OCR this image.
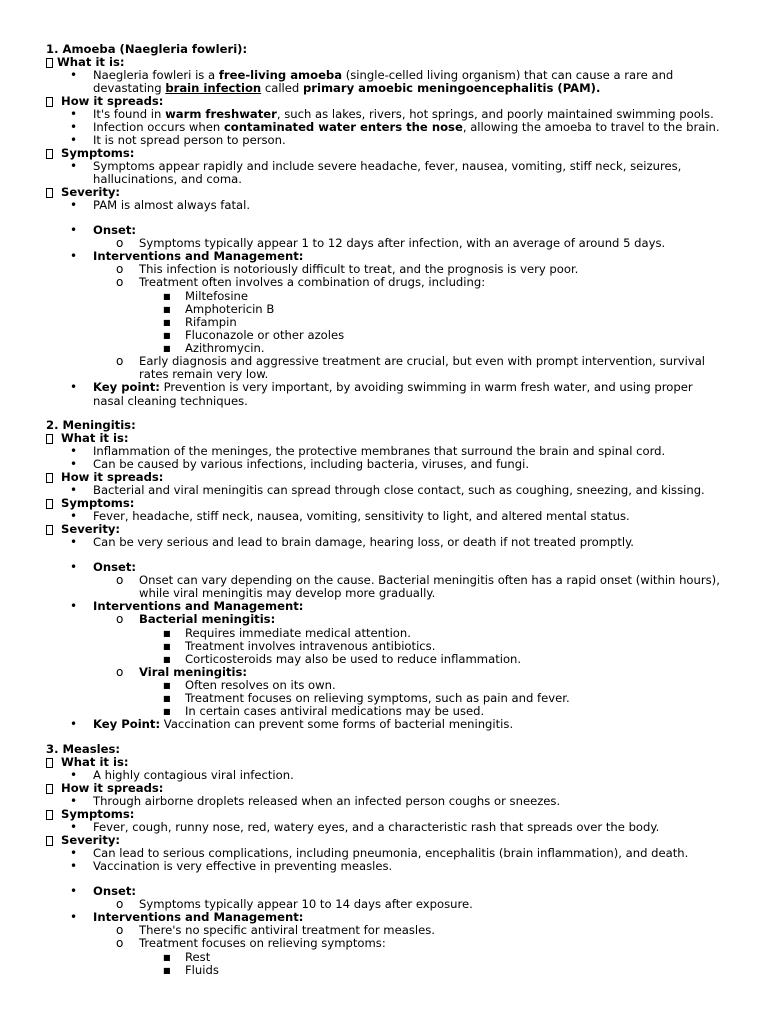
1. Amoeba (Naegleria fowleri):
What it is:
• Naegleria fowleri is a free-living amoeba (single-celled living organism) that can cause a rare and
devastating brain infection called primary amoebic meningoencephalitis (PAM).
How it spreads:
• It's found in warm freshwater, such as lakes, rivers, hot springs, and poorly maintained swimming pools.
• Infection occurs when contaminated water enters the nose, allowing the amoeba to travel to the brain.
• It is not spread person to person.
Symptoms:
• Symptoms appear rapidly and include severe headache, fever, nausea, vomiting, stiff neck, seizures,
hallucinations, and coma.
Severity:
• PAM is almost always fatal.
• Onset:
o Symptoms typically appear 1 to 12 days after infection, with an average of around 5 days.
• Interventions and Management:
o This infection is notoriously difficult to treat, and the prognosis is very poor.
o Treatment often involves a combination of drugs, including:
■ Miltefosine
■ Amphotericin B
■ Rifampin
■ Fluconazole or other azoles
■ Azithromycin.
o Early diagnosis and aggressive treatment are crucial, but even with prompt intervention, survival
rates remain very low.
• Key point: Prevention is very important, by avoiding swimming in warm fresh water, and using proper
nasal cleaning techniques.
2. Meningitis:
What it is:
• Inflammation of the meninges, the protective membranes that surround the brain and spinal cord.
• Can be caused by various infections, including bacteria, viruses, and fungi.
How it spreads:
• Bacterial and viral meningitis can spread through close contact, such as coughing, sneezing, and kissing.
Symptoms:
• Fever, headache, stiff neck, nausea, vomiting, sensitivity to light, and altered mental status.
Severity:
• Can be very serious and lead to brain damage, hearing loss, or death if not treated promptly.
• Onset:
o Onset can vary depending on the cause. Bacterial meningitis often has a rapid onset (within hours),
while viral meningitis may develop more gradually.
• Interventions and Management:
o Bacterial meningitis:
■ Requires immediate medical attention.
■ Treatment involves intravenous antibiotics.
■ Corticosteroids may also be used to reduce inflammation.
o Viral meningitis:
■ Often resolves on its own.
■ Treatment focuses on relieving symptoms, such as pain and fever.
■ In certain cases antiviral medications may be used.
• Key Point: Vaccination can prevent some forms of bacterial meningitis.
3. Measles:
What it is:
• A highly contagious viral infection.
How it spreads:
• Through airborne droplets released when an infected person coughs or sneezes.
Symptoms:
• Fever, cough, runny nose, red, watery eyes, and a characteristic rash that spreads over the body.
Severity:
• Can lead to serious complications, including pneumonia, encephalitis (brain inflammation), and death.
• Vaccination is very effective in preventing measles.
• Onset:
o Symptoms typically appear 10 to 14 days after exposure.
• Interventions and Management:
o There's no specific antiviral treatment for measles.
o Treatment focuses on relieving symptoms:
■ Rest
■ Fluids
